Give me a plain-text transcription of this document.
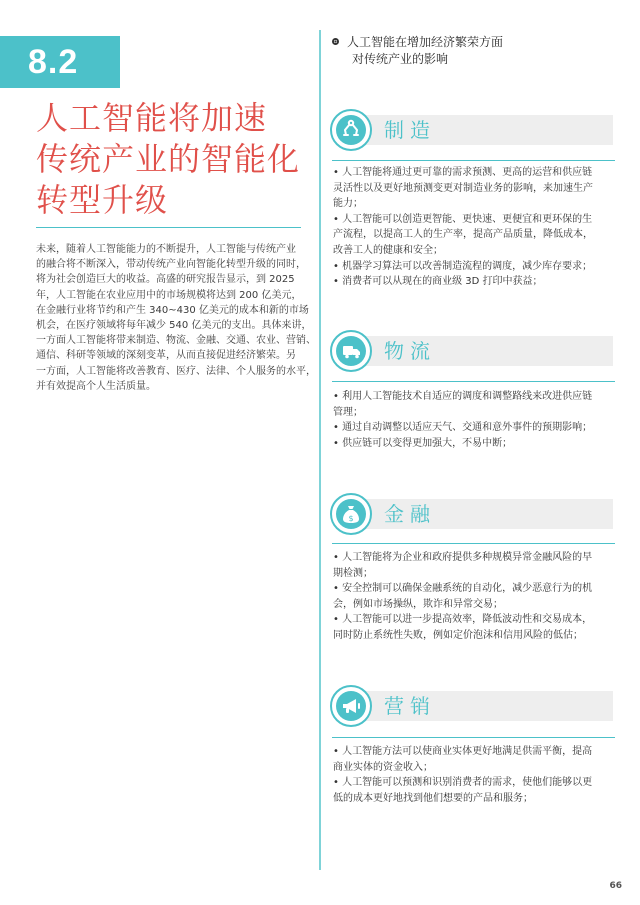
8.2
人工智能将加速
传统产业的智能化
转型升级
未来，随着人工智能能力的不断提升，人工智能与传统产业
的融合将不断深入，带动传统产业向智能化转型升级的同时，
将为社会创造巨大的收益。高盛的研究报告显示，到 2025
年，人工智能在农业应用中的市场规模将达到 200 亿美元，
在金融行业将节约和产生 340~430 亿美元的成本和新的市场
机会，在医疗领域将每年减少 540 亿美元的支出。具体来讲，
一方面人工智能将带来制造、物流、金融、交通、农业、营销、
通信、科研等领域的深刻变革，从而直接促进经济繁荣。另
一方面，人工智能将改善教育、医疗、法律、个人服务的水平，
并有效提高个人生活质量。
人工智能在增加经济繁荣方面
对传统产业的影响
制造
• 人工智能将通过更可靠的需求预测、更高的运营和供应链
灵活性以及更好地预测变更对制造业务的影响，来加速生产
能力；
• 人工智能可以创造更智能、更快速、更便宜和更环保的生
产流程，以提高工人的生产率，提高产品质量，降低成本，
改善工人的健康和安全；
• 机器学习算法可以改善制造流程的调度，减少库存要求；
• 消费者可以从现在的商业级 3D 打印中获益；
物流
• 利用人工智能技术自适应的调度和调整路线来改进供应链
管理；
• 通过自动调整以适应天气、交通和意外事件的预期影响；
• 供应链可以变得更加强大，不易中断；
$ 金融
• 人工智能将为企业和政府提供多种规模异常金融风险的早
期检测；
• 安全控制可以确保金融系统的自动化，减少恶意行为的机
会，例如市场操纵，欺诈和异常交易；
• 人工智能可以进一步提高效率，降低波动性和交易成本，
同时防止系统性失败，例如定价泡沫和信用风险的低估；
营销
• 人工智能方法可以使商业实体更好地满足供需平衡，提高
商业实体的资金收入；
• 人工智能可以预测和识别消费者的需求，使他们能够以更
低的成本更好地找到他们想要的产品和服务；
66
